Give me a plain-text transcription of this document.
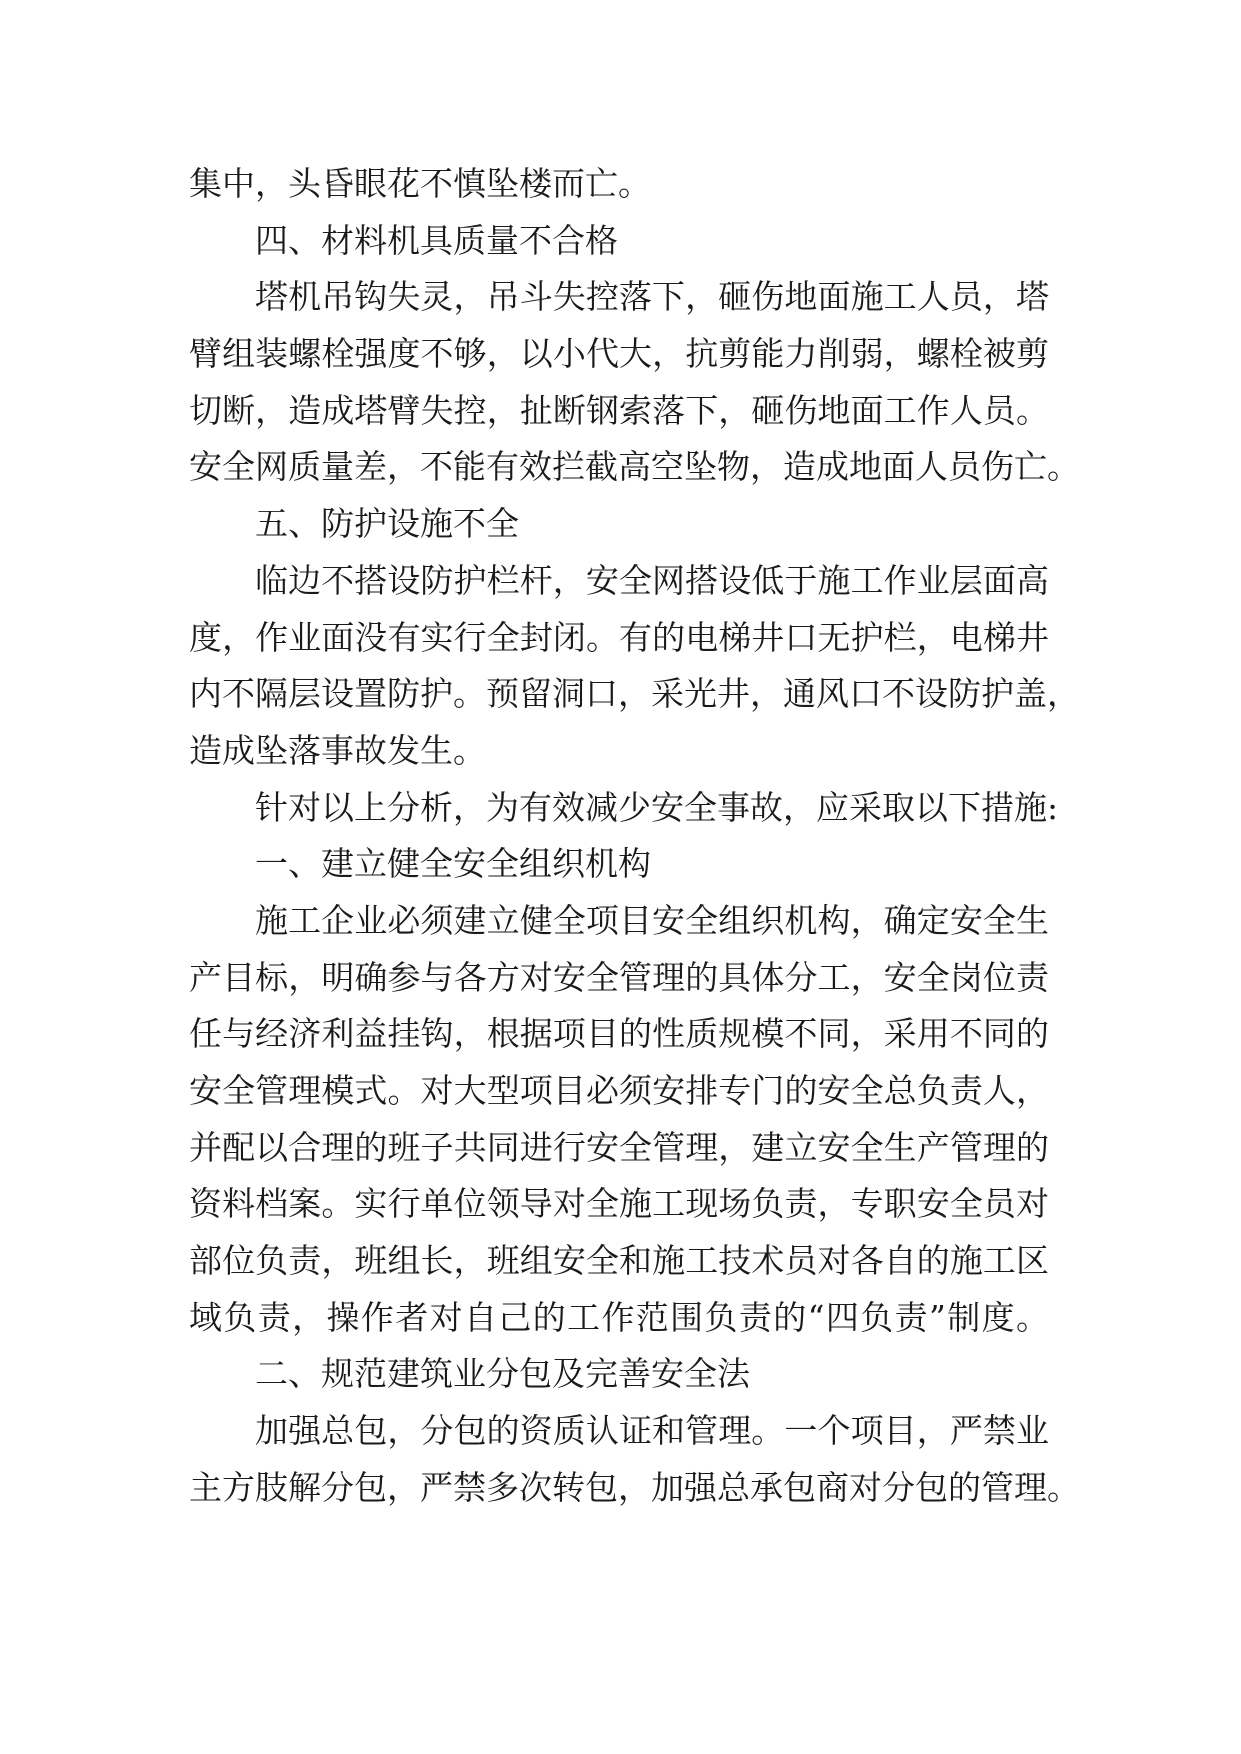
集中，头昏眼花不慎坠楼而亡。

四、材料机具质量不合格

塔机吊钩失灵，吊斗失控落下，砸伤地面施工人员，塔

臂组装螺栓强度不够，以小代大，抗剪能力削弱，螺栓被剪

切断，造成塔臂失控，扯断钢索落下，砸伤地面工作人员。

安全网质量差，不能有效拦截高空坠物，造成地面人员伤亡。

五、防护设施不全

临边不搭设防护栏杆，安全网搭设低于施工作业层面高

度，作业面没有实行全封闭。有的电梯井口无护栏，电梯井

内不隔层设置防护。预留洞口，采光井，通风口不设防护盖，

造成坠落事故发生。

针对以上分析，为有效减少安全事故，应采取以下措施:

一、建立健全安全组织机构

施工企业必须建立健全项目安全组织机构，确定安全生

产目标，明确参与各方对安全管理的具体分工，安全岗位责

任与经济利益挂钩，根据项目的性质规模不同，采用不同的

安全管理模式。对大型项目必须安排专门的安全总负责人，

并配以合理的班子共同进行安全管理，建立安全生产管理的

资料档案。实行单位领导对全施工现场负责，专职安全员对

部位负责，班组长，班组安全和施工技术员对各自的施工区

域负责，操作者对自己的工作范围负责的“四负责”制度。

二、规范建筑业分包及完善安全法

加强总包，分包的资质认证和管理。一个项目，严禁业

主方肢解分包，严禁多次转包，加强总承包商对分包的管理。
